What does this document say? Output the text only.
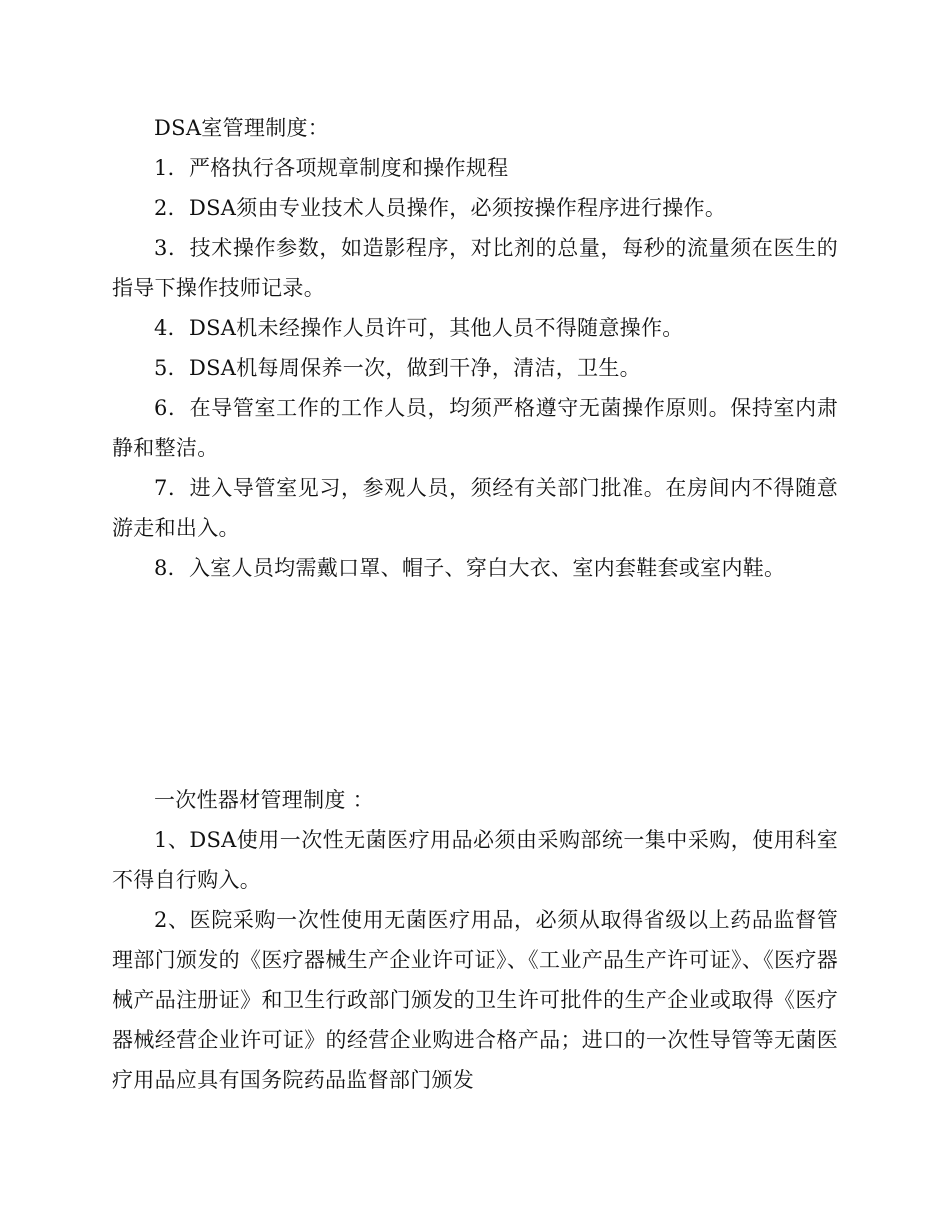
DSA室管理制度：

1．严格执行各项规章制度和操作规程

2．DSA须由专业技术人员操作，必须按操作程序进行操作。

3．技术操作参数，如造影程序，对比剂的总量，每秒的流量须在医生的指导下操作技师记录。

4．DSA机未经操作人员许可，其他人员不得随意操作。

5．DSA机每周保养一次，做到干净，清洁，卫生。

6．在导管室工作的工作人员，均须严格遵守无菌操作原则。保持室内肃静和整洁。

7．进入导管室见习，参观人员，须经有关部门批准。在房间内不得随意游走和出入。

8．入室人员均需戴口罩、帽子、穿白大衣、室内套鞋套或室内鞋。

一次性器材管理制度 ：

1、DSA使用一次性无菌医疗用品必须由采购部统一集中采购，使用科室不得自行购入。

2、医院采购一次性使用无菌医疗用品，必须从取得省级以上药品监督管理部门颁发的《医疗器械生产企业许可证》、《工业产品生产许可证》、《医疗器械产品注册证》和卫生行政部门颁发的卫生许可批件的生产企业或取得《医疗器械经营企业许可证》的经营企业购进合格产品；进口的一次性导管等无菌医疗用品应具有国务院药品监督部门颁发
